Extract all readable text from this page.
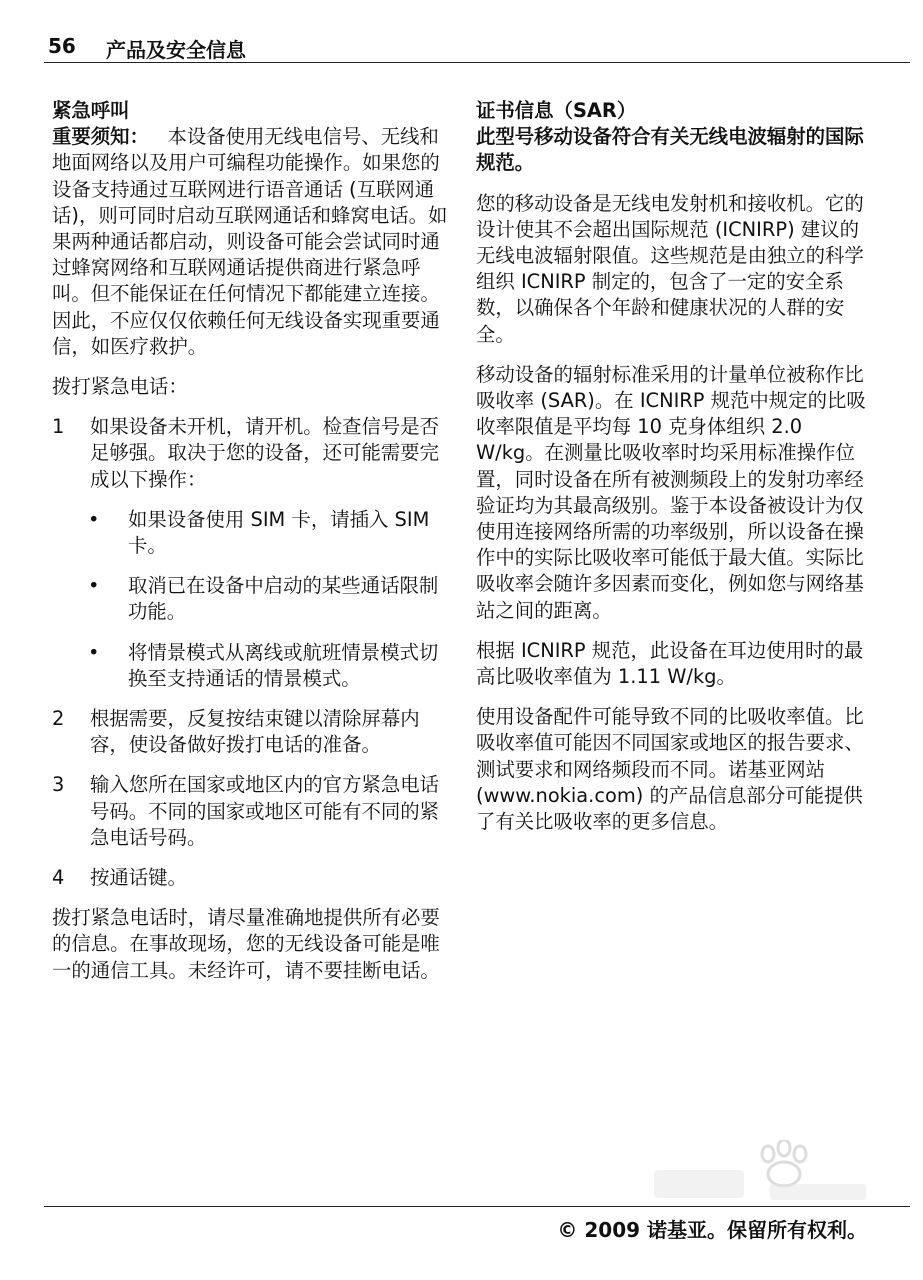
56 产品及安全信息

紧急呼叫

重要须知： 本设备使用无线电信号、无线和地面网络以及用户可编程功能操作。如果您的设备支持通过互联网进行语音通话 (互联网通话)，则可同时启动互联网通话和蜂窝电话。如果两种通话都启动，则设备可能会尝试同时通过蜂窝网络和互联网通话提供商进行紧急呼叫。但不能保证在任何情况下都能建立连接。因此，不应仅仅依赖任何无线设备实现重要通信，如医疗救护。

拨打紧急电话：

1 如果设备未开机，请开机。检查信号是否足够强。取决于您的设备，还可能需要完成以下操作：
• 如果设备使用 SIM 卡，请插入 SIM 卡。
• 取消已在设备中启动的某些通话限制功能。
• 将情景模式从离线或航班情景模式切换至支持通话的情景模式。
2 根据需要，反复按结束键以清除屏幕内容，使设备做好拨打电话的准备。
3 输入您所在国家或地区内的官方紧急电话号码。不同的国家或地区可能有不同的紧急电话号码。
4 按通话键。

拨打紧急电话时，请尽量准确地提供所有必要的信息。在事故现场，您的无线设备可能是唯一的通信工具。未经许可，请不要挂断电话。

证书信息（SAR）

此型号移动设备符合有关无线电波辐射的国际规范。

您的移动设备是无线电发射机和接收机。它的设计使其不会超出国际规范 (ICNIRP) 建议的无线电波辐射限值。这些规范是由独立的科学组织 ICNIRP 制定的，包含了一定的安全系数，以确保各个年龄和健康状况的人群的安全。

移动设备的辐射标准采用的计量单位被称作比吸收率 (SAR)。在 ICNIRP 规范中规定的比吸收率限值是平均每 10 克身体组织 2.0 W/kg。在测量比吸收率时均采用标准操作位置，同时设备在所有被测频段上的发射功率经验证均为其最高级别。鉴于本设备被设计为仅使用连接网络所需的功率级别，所以设备在操作中的实际比吸收率可能低于最大值。实际比吸收率会随许多因素而变化，例如您与网络基站之间的距离。

根据 ICNIRP 规范，此设备在耳边使用时的最高比吸收率值为 1.11 W/kg。

使用设备配件可能导致不同的比吸收率值。比吸收率值可能因不同国家或地区的报告要求、测试要求和网络频段而不同。诺基亚网站 (www.nokia.com) 的产品信息部分可能提供了有关比吸收率的更多信息。

© 2009 诺基亚。保留所有权利。
